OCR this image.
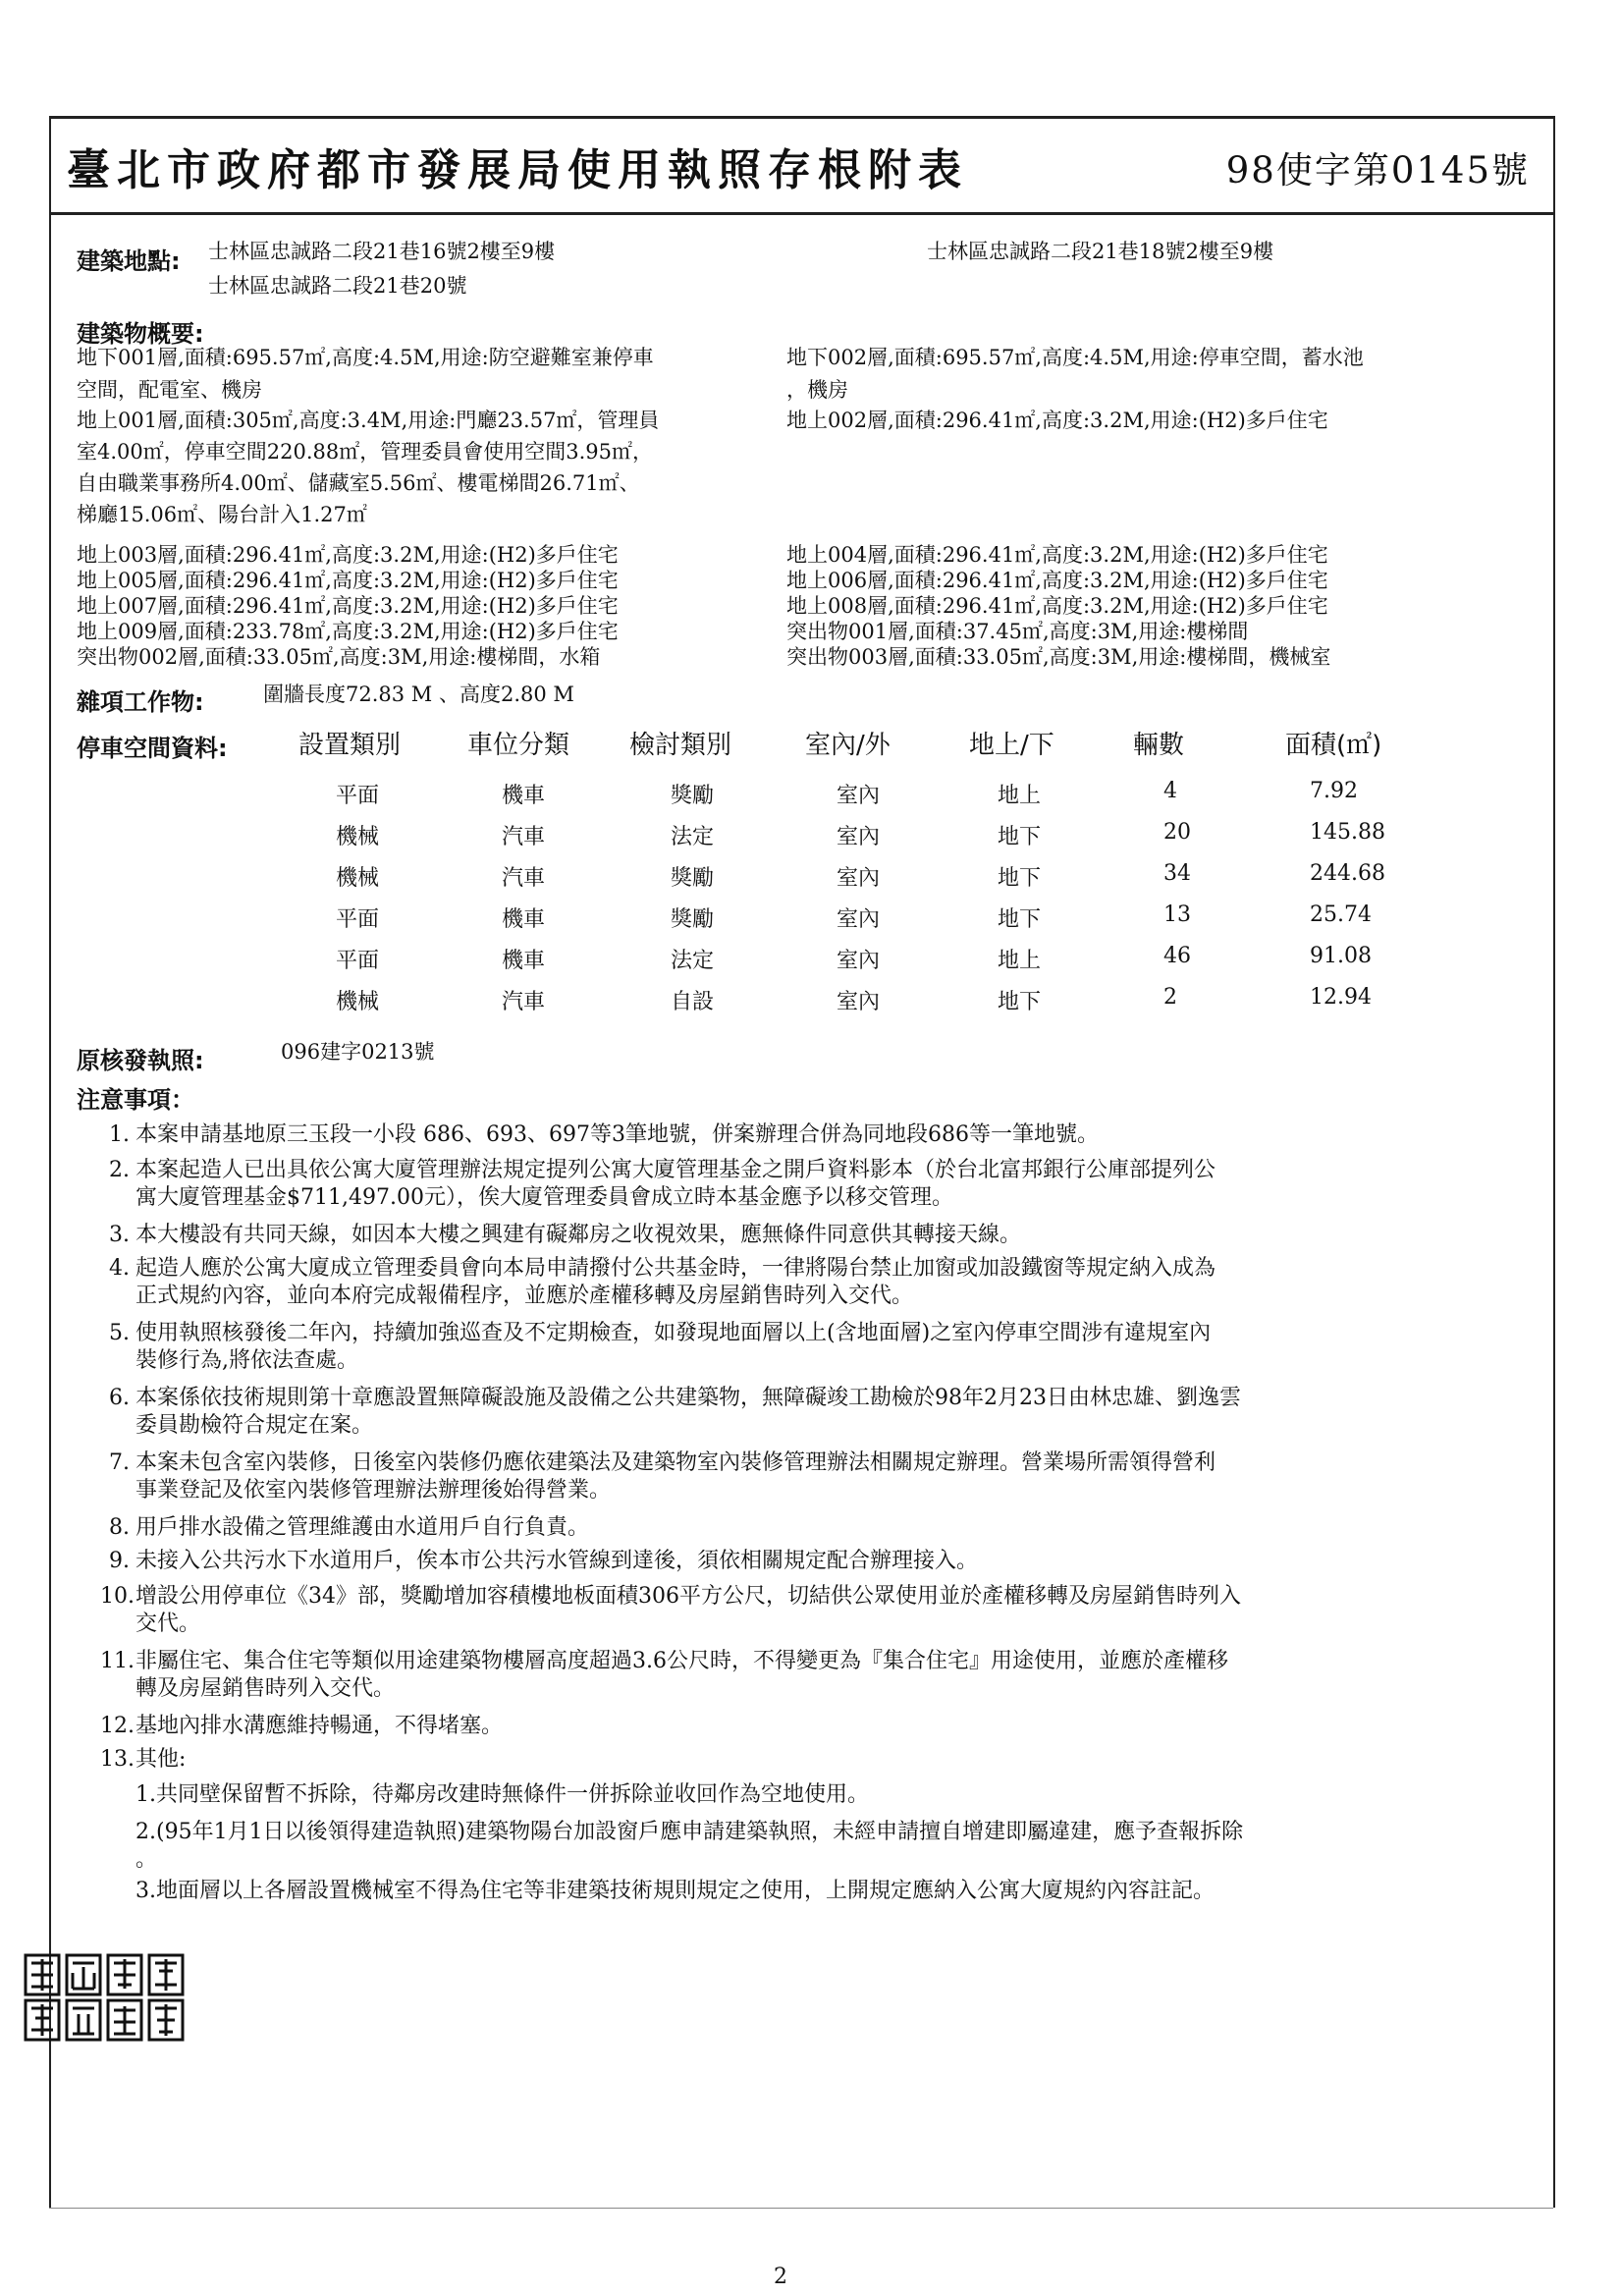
臺北市政府都市發展局使用執照存根附表	98使字第0145號
建築地點: 士林區忠誠路二段21巷16號2樓至9樓	士林區忠誠路二段21巷18號2樓至9樓
士林區忠誠路二段21巷20號
建築物概要:
地下001層,面積:695.57㎡,高度:4.5M,用途:防空避難室兼停車
空間，配電室、機房
地下002層,面積:695.57㎡,高度:4.5M,用途:停車空間，蓄水池
，機房
地上001層,面積:305㎡,高度:3.4M,用途:門廳23.57㎡，管理員
室4.00㎡，停車空間220.88㎡，管理委員會使用空間3.95㎡，
自由職業事務所4.00㎡、儲藏室5.56㎡、樓電梯間26.71㎡、
梯廳15.06㎡、陽台計入1.27㎡
地上002層,面積:296.41㎡,高度:3.2M,用途:(H2)多戶住宅
地上003層,面積:296.41㎡,高度:3.2M,用途:(H2)多戶住宅
地上005層,面積:296.41㎡,高度:3.2M,用途:(H2)多戶住宅
地上007層,面積:296.41㎡,高度:3.2M,用途:(H2)多戶住宅
地上009層,面積:233.78㎡,高度:3.2M,用途:(H2)多戶住宅
突出物002層,面積:33.05㎡,高度:3M,用途:樓梯間，水箱
地上004層,面積:296.41㎡,高度:3.2M,用途:(H2)多戶住宅
地上006層,面積:296.41㎡,高度:3.2M,用途:(H2)多戶住宅
地上008層,面積:296.41㎡,高度:3.2M,用途:(H2)多戶住宅
突出物001層,面積:37.45㎡,高度:3M,用途:樓梯間
突出物003層,面積:33.05㎡,高度:3M,用途:樓梯間，機械室
雜項工作物:	圍牆長度72.83 M 、高度2.80 M
停車空間資料:	設置類別	車位分類 檢討類別	室內/外	地上/下	輛數	面積(㎡)
平面	機車	獎勵	室內	地上	4	7.92
機械	汽車	法定	室內	地下	20	145.88
機械	汽車	獎勵	室內	地下	34	244.68
平面	機車	獎勵	室內	地下	13	25.74
平面	機車	法定	室內	地上	46	91.08
機械	汽車	自設	室內	地下	2	12.94
原核發執照:	096建字0213號
注意事項：
1. 本案申請基地原三玉段一小段 686、693、697等3筆地號，併案辦理合併為同地段686等一筆地號。
2. 本案起造人已出具依公寓大廈管理辦法規定提列公寓大廈管理基金之開戶資料影本（於台北富邦銀行公庫部提列公
寓大廈管理基金$711,497.00元），俟大廈管理委員會成立時本基金應予以移交管理。
3. 本大樓設有共同天線，如因本大樓之興建有礙鄰房之收視效果，應無條件同意供其轉接天線。
4. 起造人應於公寓大廈成立管理委員會向本局申請撥付公共基金時，一律將陽台禁止加窗或加設鐵窗等規定納入成為
正式規約內容，並向本府完成報備程序，並應於產權移轉及房屋銷售時列入交代。
5. 使用執照核發後二年內，持續加強巡查及不定期檢查，如發現地面層以上(含地面層)之室內停車空間涉有違規室內
裝修行為,將依法查處。
6. 本案係依技術規則第十章應設置無障礙設施及設備之公共建築物，無障礙竣工勘檢於98年2月23日由林忠雄、劉逸雲
委員勘檢符合規定在案。
7. 本案未包含室內裝修，日後室內裝修仍應依建築法及建築物室內裝修管理辦法相關規定辦理。營業場所需領得營利
事業登記及依室內裝修管理辦法辦理後始得營業。
8. 用戶排水設備之管理維護由水道用戶自行負責。
9. 未接入公共污水下水道用戶，俟本市公共污水管線到達後，須依相關規定配合辦理接入。
10. 增設公用停車位《34》部，獎勵增加容積樓地板面積306平方公尺，切結供公眾使用並於產權移轉及房屋銷售時列入
交代。
11. 非屬住宅、集合住宅等類似用途建築物樓層高度超過3.6公尺時，不得變更為『集合住宅』用途使用，並應於產權移
轉及房屋銷售時列入交代。
12. 基地內排水溝應維持暢通，不得堵塞。
13. 其他:
1.共同壁保留暫不拆除，待鄰房改建時無條件一併拆除並收回作為空地使用。
2.(95年1月1日以後領得建造執照)建築物陽台加設窗戶應申請建築執照，未經申請擅自增建即屬違建，應予查報拆除
。
3.地面層以上各層設置機械室不得為住宅等非建築技術規則規定之使用，上開規定應納入公寓大廈規約內容註記。
2
